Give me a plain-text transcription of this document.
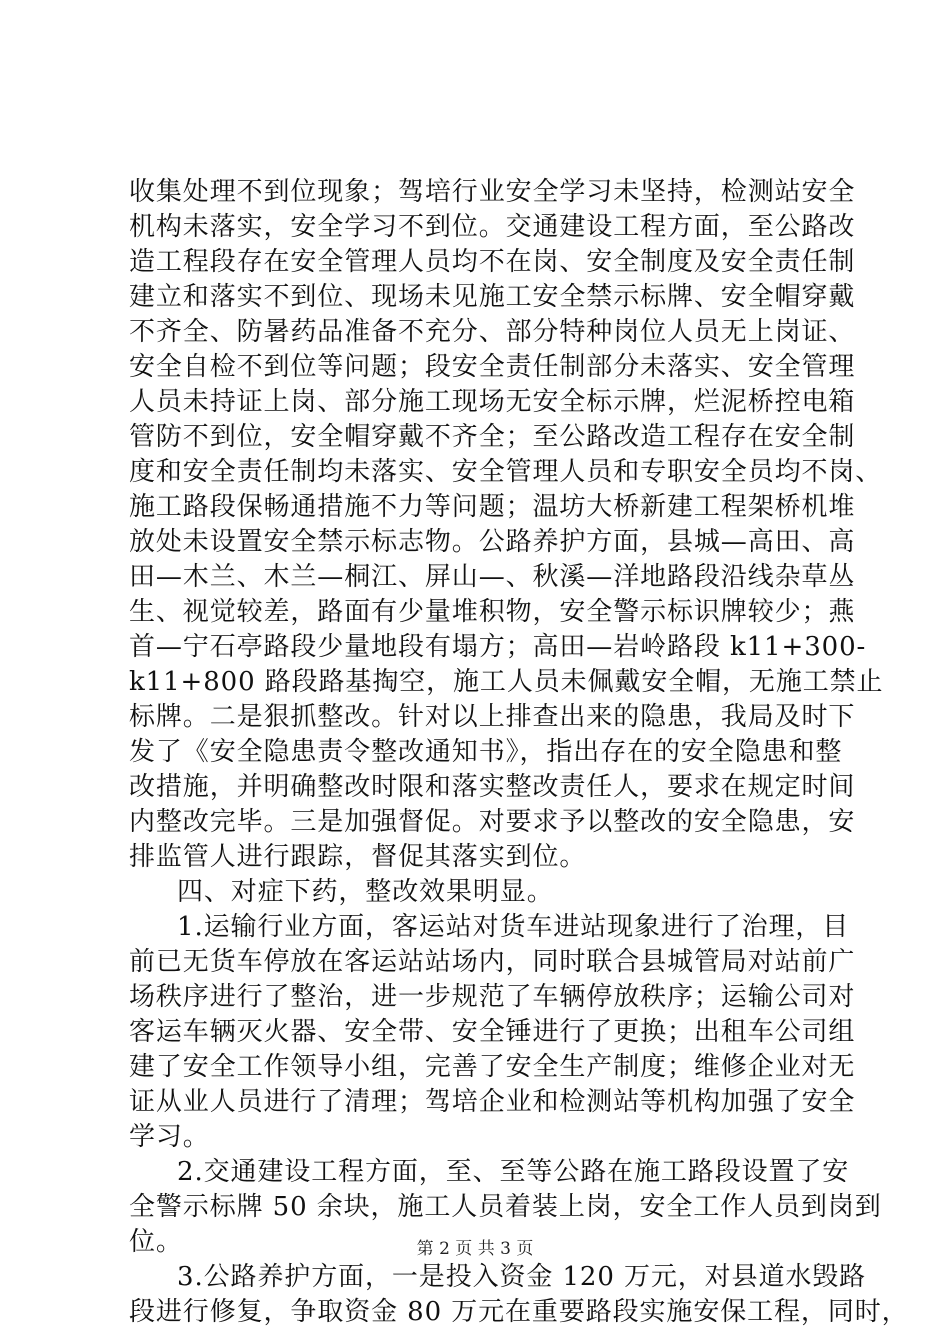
收集处理不到位现象；驾培行业安全学习未坚持，检测站安全
机构未落实，安全学习不到位。交通建设工程方面，至公路改
造工程段存在安全管理人员均不在岗、安全制度及安全责任制
建立和落实不到位、现场未见施工安全禁示标牌、安全帽穿戴
不齐全、防暑药品准备不充分、部分特种岗位人员无上岗证、
安全自检不到位等问题；段安全责任制部分未落实、安全管理
人员未持证上岗、部分施工现场无安全标示牌，烂泥桥控电箱
管防不到位，安全帽穿戴不齐全；至公路改造工程存在安全制
度和安全责任制均未落实、安全管理人员和专职安全员均不岗、
施工路段保畅通措施不力等问题；温坊大桥新建工程架桥机堆
放处未设置安全禁示标志物。公路养护方面，县城—高田、高
田—木兰、木兰—桐江、屏山—、秋溪—洋地路段沿线杂草丛
生、视觉较差，路面有少量堆积物，安全警示标识牌较少；燕
首—宁石亭路段少量地段有塌方；高田—岩岭路段 k11+300-
k11+800 路段路基掏空，施工人员未佩戴安全帽，无施工禁止
标牌。二是狠抓整改。针对以上排查出来的隐患，我局及时下
发了《安全隐患责令整改通知书》，指出存在的安全隐患和整
改措施，并明确整改时限和落实整改责任人，要求在规定时间
内整改完毕。三是加强督促。对要求予以整改的安全隐患，安
排监管人进行跟踪，督促其落实到位。
四、对症下药，整改效果明显。
1.运输行业方面，客运站对货车进站现象进行了治理，目
前已无货车停放在客运站站场内，同时联合县城管局对站前广
场秩序进行了整治，进一步规范了车辆停放秩序；运输公司对
客运车辆灭火器、安全带、安全锤进行了更换；出租车公司组
建了安全工作领导小组，完善了安全生产制度；维修企业对无
证从业人员进行了清理；驾培企业和检测站等机构加强了安全
学习。
2.交通建设工程方面，至、至等公路在施工路段设置了安
全警示标牌 50 余块，施工人员着装上岗，安全工作人员到岗到
位。
3.公路养护方面，一是投入资金 120 万元，对县道水毁路
段进行修复，争取资金 80 万元在重要路段实施安保工程，同时，
第 2 页 共 3 页
